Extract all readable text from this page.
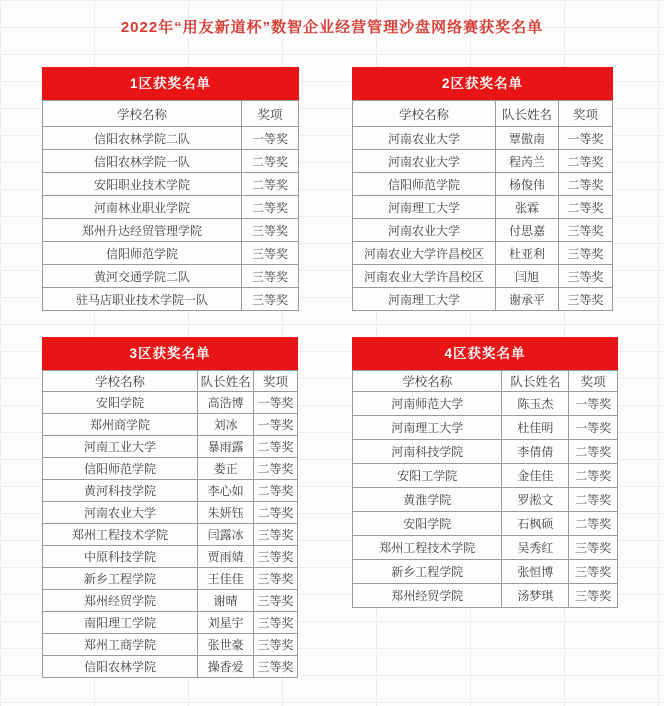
2022年“用友新道杯”数智企业经营管理沙盘网络赛获奖名单
1区获奖名单
学校名称	奖项
信阳农林学院二队	一等奖
信阳农林学院一队	二等奖
安阳职业技术学院	二等奖
河南林业职业学院	二等奖
郑州升达经贸管理学院	三等奖
信阳师范学院	三等奖
黄河交通学院二队	三等奖
驻马店职业技术学院一队	三等奖
2区获奖名单
学校名称	队长姓名	奖项
河南农业大学	覃傲南	一等奖
河南农业大学	程芮兰	二等奖
信阳师范学院	杨俊伟	二等奖
河南理工大学	张霖	二等奖
河南农业大学	付思嘉	三等奖
河南农业大学许昌校区	杜亚利	三等奖
河南农业大学许昌校区	闫旭	三等奖
河南理工大学	谢承平	三等奖
3区获奖名单
学校名称	队长姓名	奖项
安阳学院	高浩博	一等奖
郑州商学院	刘冰	一等奖
河南工业大学	暴雨露	二等奖
信阳师范学院	娄正	二等奖
黄河科技学院	李心如	二等奖
河南农业大学	朱妍钰	二等奖
郑州工程技术学院	闫露冰	三等奖
中原科技学院	贾雨婧	三等奖
新乡工程学院	王佳佳	三等奖
郑州经贸学院	谢晴	三等奖
南阳理工学院	刘星宇	三等奖
郑州工商学院	张世豪	三等奖
信阳农林学院	操香爱	三等奖
4区获奖名单
学校名称	队长姓名	奖项
河南师范大学	陈玉杰	一等奖
河南理工大学	杜佳明	一等奖
河南科技学院	李倩倩	二等奖
安阳工学院	金佳佳	二等奖
黄淮学院	罗淞文	二等奖
安阳学院	石枫硕	二等奖
郑州工程技术学院	吴秀红	三等奖
新乡工程学院	张恒博	三等奖
郑州经贸学院	汤梦琪	三等奖
